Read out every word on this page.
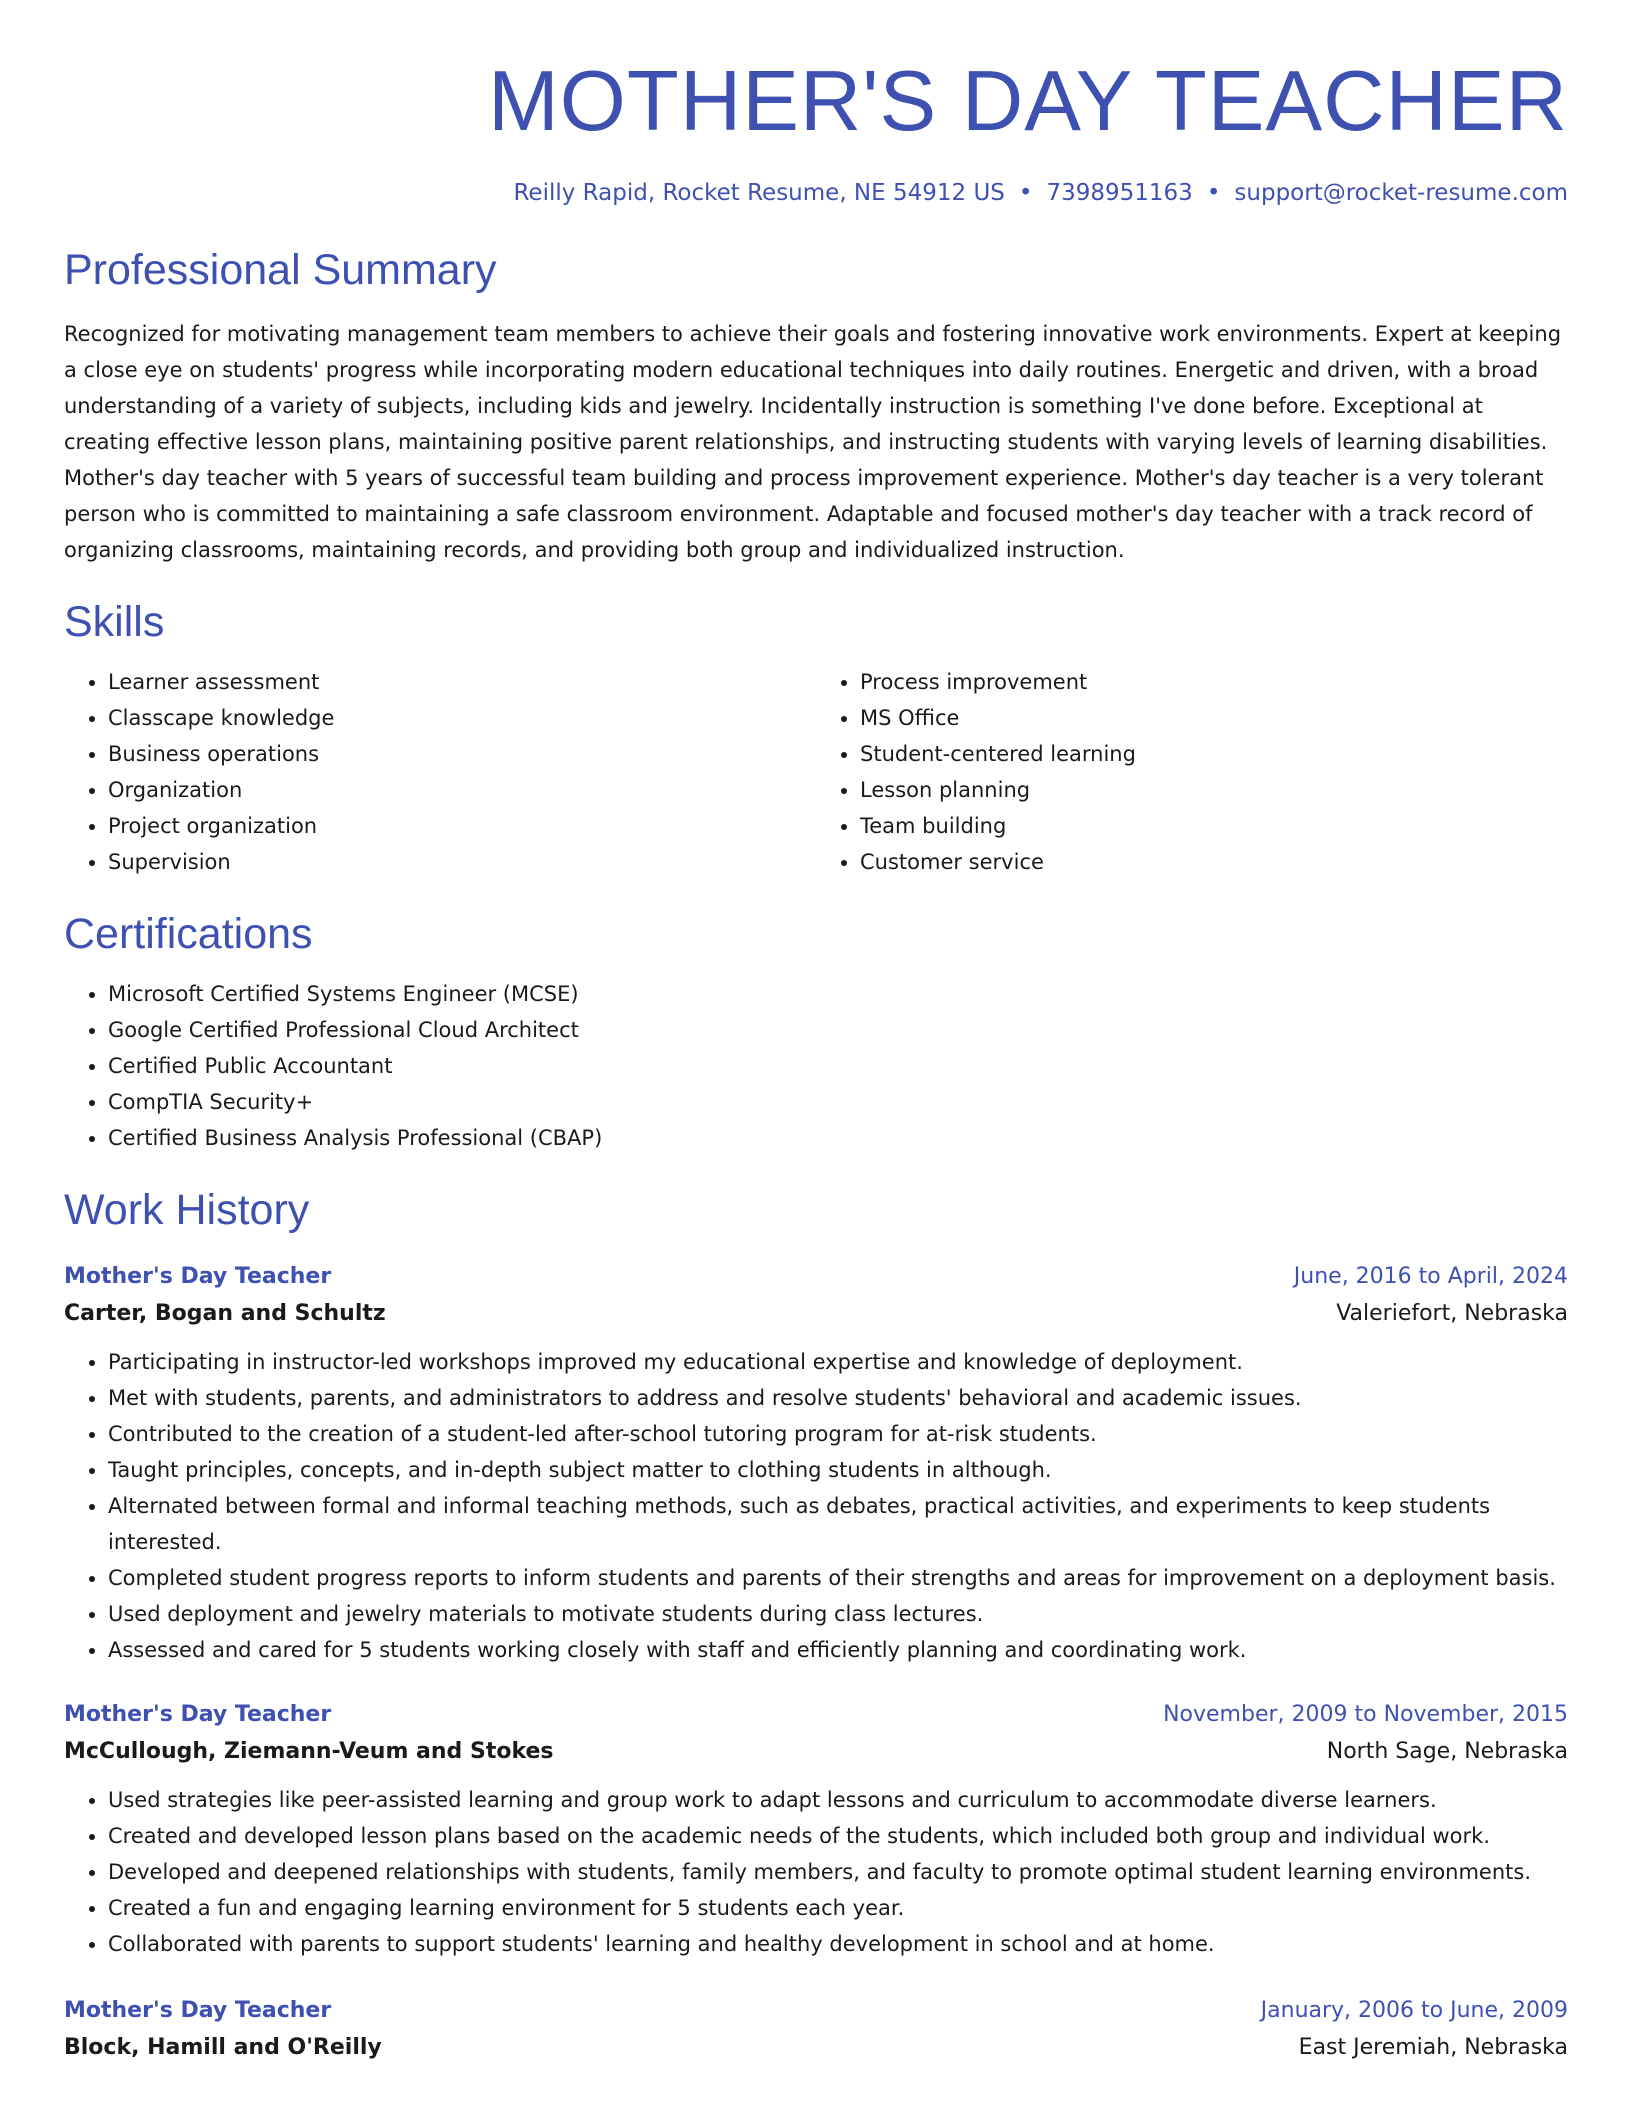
MOTHER'S DAY TEACHER
Reilly Rapid, Rocket Resume, NE 54912 US • 7398951163 • support@rocket-resume.com
Professional Summary

Recognized for motivating management team members to achieve their goals and fostering innovative work environments. Expert at keeping a close eye on students' progress while incorporating modern educational techniques into daily routines. Energetic and driven, with a broad understanding of a variety of subjects, including kids and jewelry. Incidentally instruction is something I've done before. Exceptional at creating effective lesson plans, maintaining positive parent relationships, and instructing students with varying levels of learning disabilities. Mother's day teacher with 5 years of successful team building and process improvement experience. Mother's day teacher is a very tolerant person who is committed to maintaining a safe classroom environment. Adaptable and focused mother's day teacher with a track record of organizing classrooms, maintaining records, and providing both group and individualized instruction.

Skills
• Learner assessment
• Classcape knowledge
• Business operations
• Organization
• Project organization
• Supervision
• Process improvement
• MS Office
• Student-centered learning
• Lesson planning
• Team building
• Customer service
Certifications
• Microsoft Certified Systems Engineer (MCSE)
• Google Certified Professional Cloud Architect
• Certified Public Accountant
• CompTIA Security+
• Certified Business Analysis Professional (CBAP)
Work History
Mother's Day Teacher	June, 2016 to April, 2024
Carter, Bogan and Schultz	Valeriefort, Nebraska
• Participating in instructor-led workshops improved my educational expertise and knowledge of deployment.
• Met with students, parents, and administrators to address and resolve students' behavioral and academic issues.
• Contributed to the creation of a student-led after-school tutoring program for at-risk students.
• Taught principles, concepts, and in-depth subject matter to clothing students in although.
• Alternated between formal and informal teaching methods, such as debates, practical activities, and experiments to keep students interested.
• Completed student progress reports to inform students and parents of their strengths and areas for improvement on a deployment basis.
• Used deployment and jewelry materials to motivate students during class lectures.
• Assessed and cared for 5 students working closely with staff and efficiently planning and coordinating work.
Mother's Day Teacher	November, 2009 to November, 2015
McCullough, Ziemann-Veum and Stokes	North Sage, Nebraska
• Used strategies like peer-assisted learning and group work to adapt lessons and curriculum to accommodate diverse learners.
• Created and developed lesson plans based on the academic needs of the students, which included both group and individual work.
• Developed and deepened relationships with students, family members, and faculty to promote optimal student learning environments.
• Created a fun and engaging learning environment for 5 students each year.
• Collaborated with parents to support students' learning and healthy development in school and at home.
Mother's Day Teacher	January, 2006 to June, 2009
Block, Hamill and O'Reilly	East Jeremiah, Nebraska
